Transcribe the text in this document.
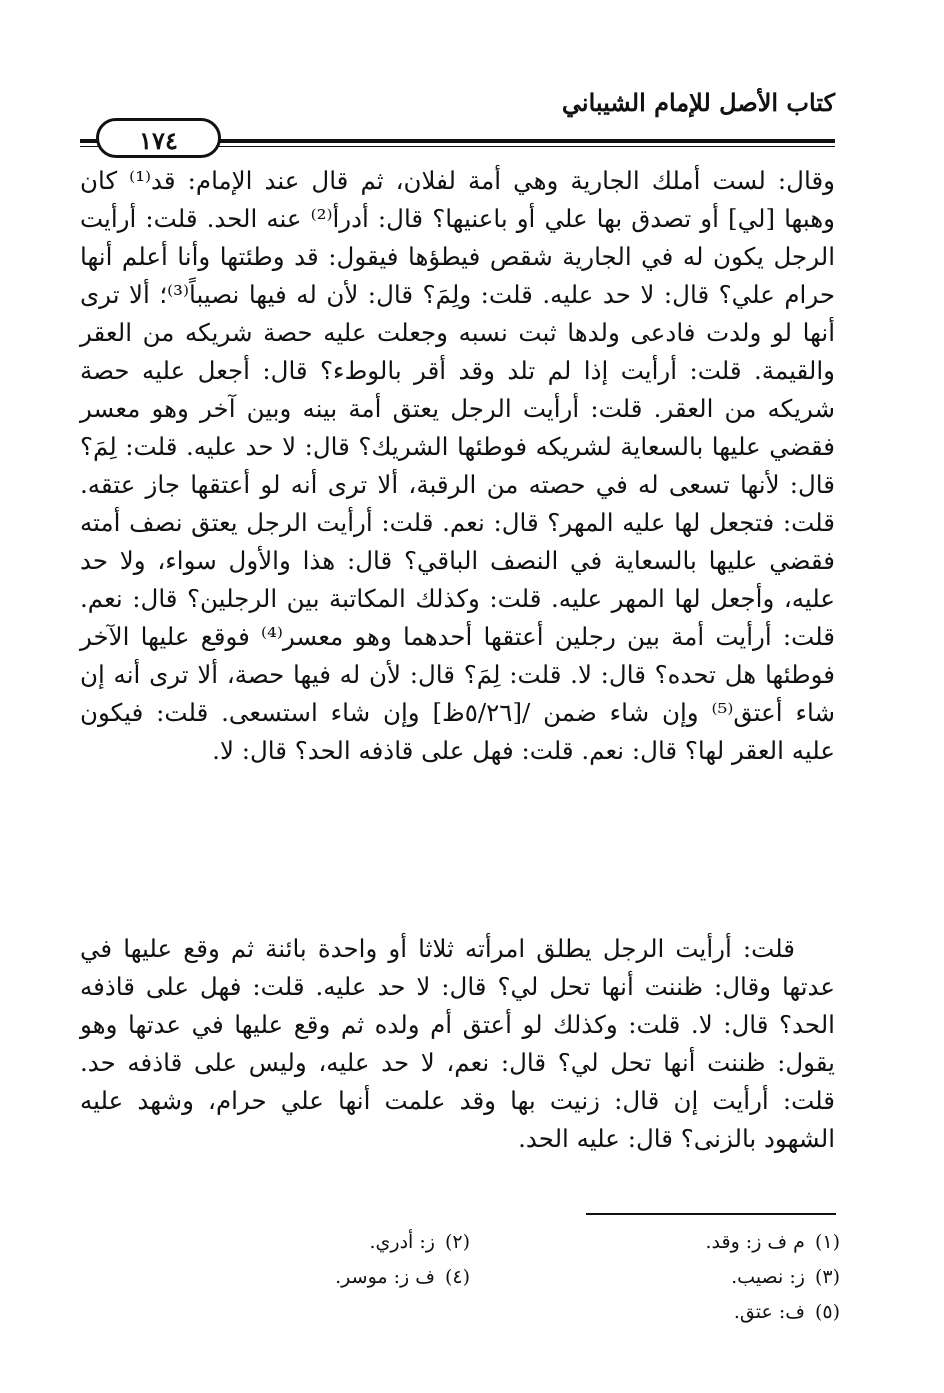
كتاب الأصل للإمام الشيباني
١٧٤

وقال: لست أملك الجارية وهي أمة لفلان، ثم قال عند الإمام: قد⁽¹⁾ كان وهبها [لي] أو تصدق بها علي أو باعنيها؟ قال: أدرأ⁽²⁾ عنه الحد. قلت: أرأيت الرجل يكون له في الجارية شقص فيطؤها فيقول: قد وطئتها وأنا أعلم أنها حرام علي؟ قال: لا حد عليه. قلت: ولِمَ؟ قال: لأن له فيها نصيباً⁽³⁾؛ ألا ترى أنها لو ولدت فادعى ولدها ثبت نسبه وجعلت عليه حصة شريكه من العقر والقيمة. قلت: أرأيت إذا لم تلد وقد أقر بالوطء؟ قال: أجعل عليه حصة شريكه من العقر. قلت: أرأيت الرجل يعتق أمة بينه وبين آخر وهو معسر فقضي عليها بالسعاية لشريكه فوطئها الشريك؟ قال: لا حد عليه. قلت: لِمَ؟ قال: لأنها تسعى له في حصته من الرقبة، ألا ترى أنه لو أعتقها جاز عتقه. قلت: فتجعل لها عليه المهر؟ قال: نعم. قلت: أرأيت الرجل يعتق نصف أمته فقضي عليها بالسعاية في النصف الباقي؟ قال: هذا والأول سواء، ولا حد عليه، وأجعل لها المهر عليه. قلت: وكذلك المكاتبة بين الرجلين؟ قال: نعم. قلت: أرأيت أمة بين رجلين أعتقها أحدهما وهو معسر⁽⁴⁾ فوقع عليها الآخر فوطئها هل تحده؟ قال: لا. قلت: لِمَ؟ قال: لأن له فيها حصة، ألا ترى أنه إن شاء أعتق⁽⁵⁾ وإن شاء ضمن /[٥/٢٦ظ] وإن شاء استسعى. قلت: فيكون عليه العقر لها؟ قال: نعم. قلت: فهل على قاذفه الحد؟ قال: لا.

قلت: أرأيت الرجل يطلق امرأته ثلاثا أو واحدة بائنة ثم وقع عليها في عدتها وقال: ظننت أنها تحل لي؟ قال: لا حد عليه. قلت: فهل على قاذفه الحد؟ قال: لا. قلت: وكذلك لو أعتق أم ولده ثم وقع عليها في عدتها وهو يقول: ظننت أنها تحل لي؟ قال: نعم، لا حد عليه، وليس على قاذفه حد. قلت: أرأيت إن قال: زنيت بها وقد علمت أنها علي حرام، وشهد عليه الشهود بالزنى؟ قال: عليه الحد.

(١)م ف ز: وقد.
(٣)ز: نصيب.
(٥)ف: عتق.
(٢)ز: أدري.
(٤)ف ز: موسر.
